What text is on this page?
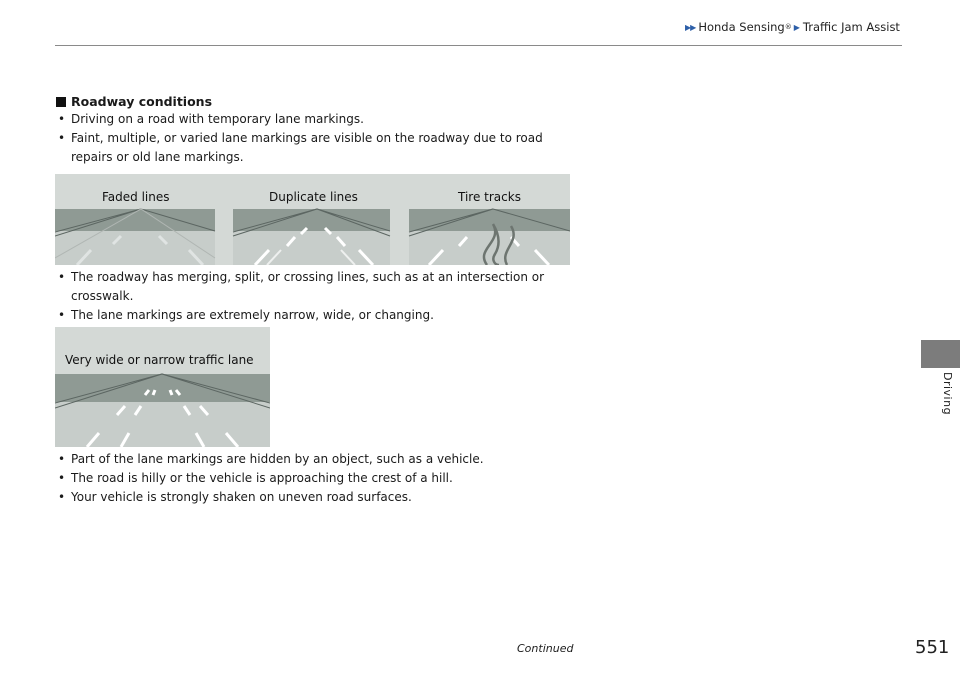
▶▶ Honda Sensing ® ▶ Traffic Jam Assist
Driving
Roadway conditions
• Driving on a road with temporary lane markings.
• Faint, multiple, or varied lane markings are visible on the roadway due to road repairs or old lane markings.
Faded lines	Duplicate lines	Tire tracks
• The roadway has merging, split, or crossing lines, such as at an intersection or crosswalk.
• The lane markings are extremely narrow, wide, or changing.
Very wide or narrow traffic lane
• Part of the lane markings are hidden by an object, such as a vehicle.
• The road is hilly or the vehicle is approaching the crest of a hill.
• Your vehicle is strongly shaken on uneven road surfaces.
Continued	551
